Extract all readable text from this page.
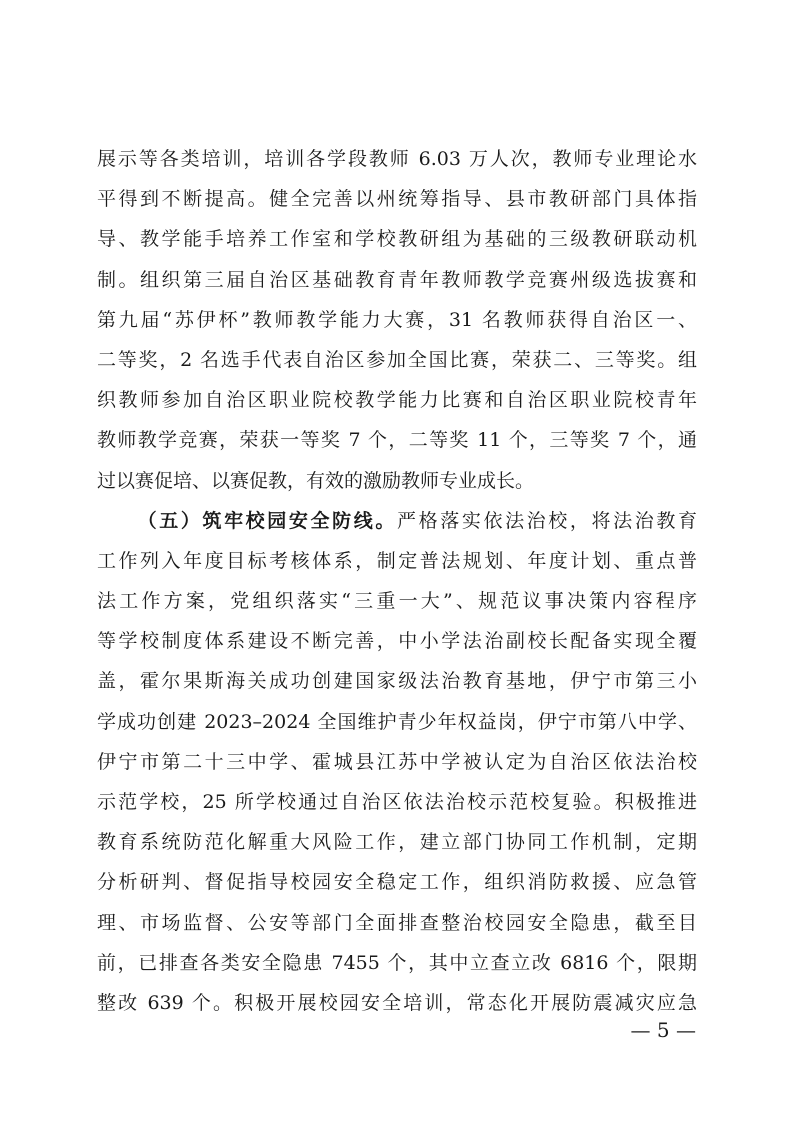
展示等各类培训，培训各学段教师 6.03 万人次，教师专业理论水
平得到不断提高。健全完善以州统筹指导、县市教研部门具体指
导、教学能手培养工作室和学校教研组为基础的三级教研联动机
制。组织第三届自治区基础教育青年教师教学竞赛州级选拔赛和
第九届“苏伊杯”教师教学能力大赛，31 名教师获得自治区一、
二等奖，2 名选手代表自治区参加全国比赛，荣获二、三等奖。组
织教师参加自治区职业院校教学能力比赛和自治区职业院校青年
教师教学竞赛，荣获一等奖 7 个，二等奖 11 个，三等奖 7 个，通
过以赛促培、以赛促教，有效的激励教师专业成长。
（五）筑牢校园安全防线。严格落实依法治校，将法治教育
工作列入年度目标考核体系，制定普法规划、年度计划、重点普
法工作方案，党组织落实“三重一大”、规范议事决策内容程序
等学校制度体系建设不断完善，中小学法治副校长配备实现全覆
盖，霍尔果斯海关成功创建国家级法治教育基地，伊宁市第三小
学成功创建 2023–2024 全国维护青少年权益岗，伊宁市第八中学、
伊宁市第二十三中学、霍城县江苏中学被认定为自治区依法治校
示范学校，25 所学校通过自治区依法治校示范校复验。积极推进
教育系统防范化解重大风险工作，建立部门协同工作机制，定期
分析研判、督促指导校园安全稳定工作，组织消防救援、应急管
理、市场监督、公安等部门全面排查整治校园安全隐患，截至目
前，已排查各类安全隐患 7455 个，其中立查立改 6816 个，限期
整改 639 个。积极开展校园安全培训，常态化开展防震减灾应急
— 5 —
